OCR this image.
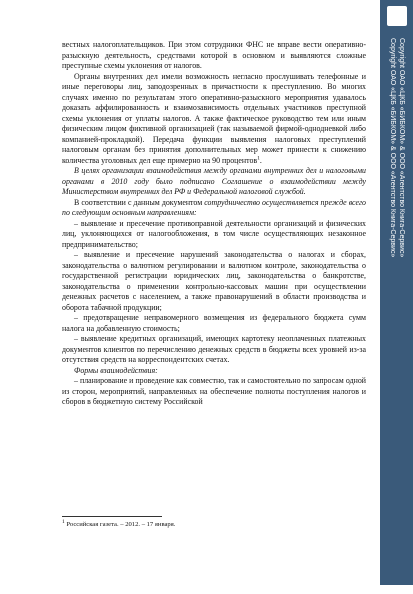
вестных налогоплательщиков. При этом сотрудники ФНС не вправе вести оперативно-разыскную деятельность, средствами которой в основном и выявляются сложные преступные схемы уклонения от налогов.

Органы внутренних дел имели возможность негласно прослушивать телефонные и иные переговоры лиц, заподозренных в причастности к преступлению. Во многих случаях именно по результатам этого оперативно-разыскного мероприятия удавалось доказать аффилированность и взаимозависимость отдельных участников преступной схемы уклонения от уплаты налогов. А также фактическое руководство тем или иным физическим лицом фиктивной организацией (так называемой фирмой-однодневкой либо компанией-прокладкой). Передача функции выявления налоговых преступлений налоговым органам без принятия дополнительных мер может принести к снижению количества уголовных дел еще примерно на 90 процентов$^1$.

В целях организации взаимодействия между органами внутренних дел и налоговыми органами в 2010 году было подписано Соглашение о взаимодействии между Министерством внутренних дел РФ и Федеральной налоговой службой.

В соответствии с данным документом сотрудничество осуществляется прежде всего по следующим основным направлениям:

– выявление и пресечение противоправной деятельности организаций и физических лиц, уклоняющихся от налогообложения, в том числе осуществляющих незаконное предпринимательство;

– выявление и пресечение нарушений законодательства о налогах и сборах, законодательства о валютном регулировании и валютном контроле, законодательства о государственной регистрации юридических лиц, законодательства о банкротстве, законодательства о применении контрольно-кассовых машин при осуществлении денежных расчетов с населением, а также правонарушений в области производства и оборота табачной продукции;

– предотвращение неправомерного возмещения из федерального бюджета сумм налога на добавленную стоимость;

– выявление кредитных организаций, имеющих картотеку неоплаченных платежных документов клиентов по перечислению денежных средств в бюджеты всех уровней из-за отсутствия средств на корреспондентских счетах.

Формы взаимодействия:

– планирование и проведение как совместно, так и самостоятельно по запросам одной из сторон, мероприятий, направленных на обеспечение полноты поступления налогов и сборов в бюджетную систему Российской

$^1$ Российская газета. – 2012. – 17 января.
Copyright ОАО «ЦКБ «БИБКОМ» & ООО «Aгентство Книга-Сервис»
Copyright ОАО «ЦКБ «БИБКОМ» & ООО «Aгентство Книга-Сервис»
